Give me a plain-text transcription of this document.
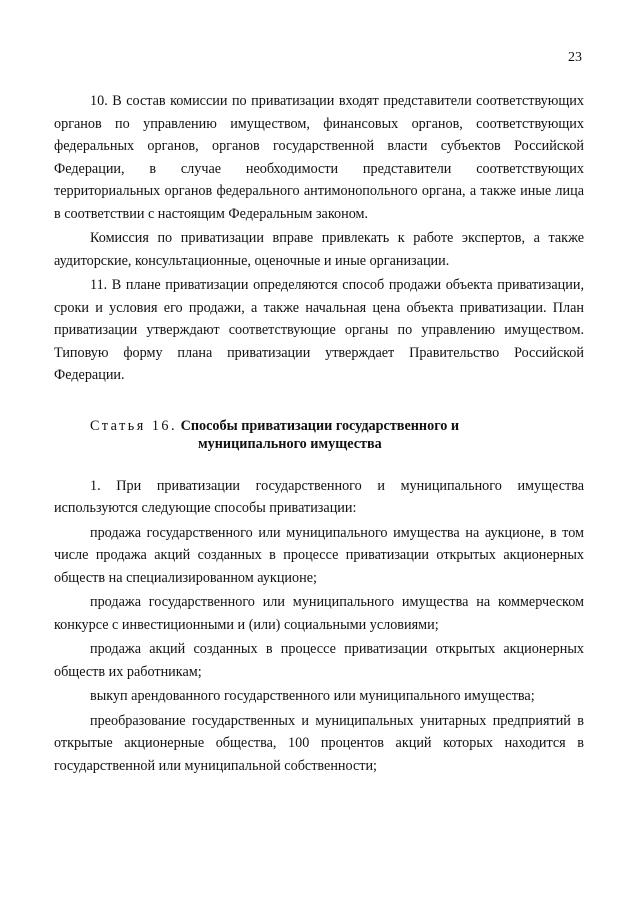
23

10. В состав комиссии по приватизации входят представители соответствующих органов по управлению имуществом, финансовых органов, соответствующих федеральных органов, органов государственной власти субъектов Российской Федерации, в случае необходимости представители соответствующих территориальных органов федерального антимонопольного органа, а также иные лица в соответствии с настоящим Федеральным законом.

Комиссия по приватизации вправе привлекать к работе экспертов, а также аудиторские, консультационные, оценочные и иные организации.

11. В плане приватизации определяются способ продажи объекта приватизации, сроки и условия его продажи, а также начальная цена объекта приватизации. План приватизации утверждают соответствующие органы по управлению имуществом. Типовую форму плана приватизации утверждает Правительство Российской Федерации.

Статья 16. Способы приватизации государственного и
муниципального имущества

1. При приватизации государственного и муниципального имущества используются следующие способы приватизации:

продажа государственного или муниципального имущества на аукционе, в том числе продажа акций созданных в процессе приватизации открытых акционерных обществ на специализированном аукционе;

продажа государственного или муниципального имущества на коммерческом конкурсе с инвестиционными и (или) социальными условиями;

продажа акций созданных в процессе приватизации открытых акционерных обществ их работникам;

выкуп арендованного государственного или муниципального имущества;

преобразование государственных и муниципальных унитарных предприятий в открытые акционерные общества, 100 процентов акций которых находится в государственной или муниципальной собственности;
